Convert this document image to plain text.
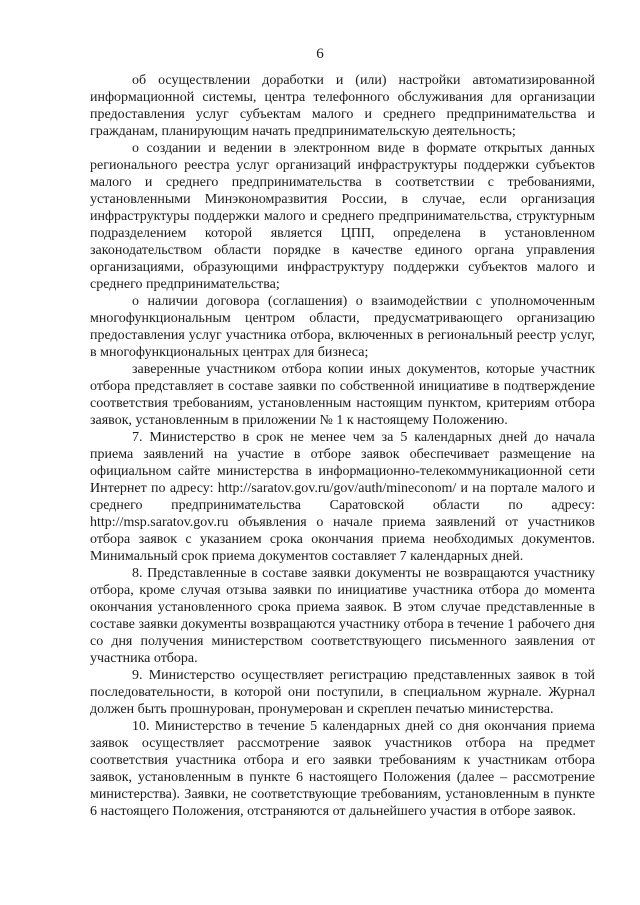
6

об осуществлении доработки и (или) настройки автоматизированной информационной системы, центра телефонного обслуживания для организации предоставления услуг субъектам малого и среднего предпринимательства и гражданам, планирующим начать предпринимательскую деятельность;

о создании и ведении в электронном виде в формате открытых данных регионального реестра услуг организаций инфраструктуры поддержки субъектов малого и среднего предпринимательства в соответствии с требованиями, установленными Минэкономразвития России, в случае, если организация инфраструктуры поддержки малого и среднего предпринимательства, структурным подразделением которой является ЦПП, определена в установленном законодательством области порядке в качестве единого органа управления организациями, образующими инфраструктуру поддержки субъектов малого и среднего предпринимательства;

о наличии договора (соглашения) о взаимодействии с уполномоченным многофункциональным центром области, предусматривающего организацию предоставления услуг участника отбора, включенных в региональный реестр услуг, в многофункциональных центрах для бизнеса;

заверенные участником отбора копии иных документов, которые участник отбора представляет в составе заявки по собственной инициативе в подтверждение соответствия требованиям, установленным настоящим пунктом, критериям отбора заявок, установленным в приложении № 1 к настоящему Положению.

7. Министерство в срок не менее чем за 5 календарных дней до начала приема заявлений на участие в отборе заявок обеспечивает размещение на официальном сайте министерства в информационно-телекоммуникационной сети Интернет по адресу: http://saratov.gov.ru/gov/auth/mineconom/ и на портале малого и среднего предпринимательства Саратовской области по адресу: http://msp.saratov.gov.ru объявления о начале приема заявлений от участников отбора заявок с указанием срока окончания приема необходимых документов. Минимальный срок приема документов составляет 7 календарных дней.

8. Представленные в составе заявки документы не возвращаются участнику отбора, кроме случая отзыва заявки по инициативе участника отбора до момента окончания установленного срока приема заявок. В этом случае представленные в составе заявки документы возвращаются участнику отбора в течение 1 рабочего дня со дня получения министерством соответствующего письменного заявления от участника отбора.

9. Министерство осуществляет регистрацию представленных заявок в той последовательности, в которой они поступили, в специальном журнале. Журнал должен быть прошнурован, пронумерован и скреплен печатью министерства.

10. Министерство в течение 5 календарных дней со дня окончания приема заявок осуществляет рассмотрение заявок участников отбора на предмет соответствия участника отбора и его заявки требованиям к участникам отбора заявок, установленным в пункте 6 настоящего Положения (далее – рассмотрение министерства). Заявки, не соответствующие требованиям, установленным в пункте 6 настоящего Положения, отстраняются от дальнейшего участия в отборе заявок.
